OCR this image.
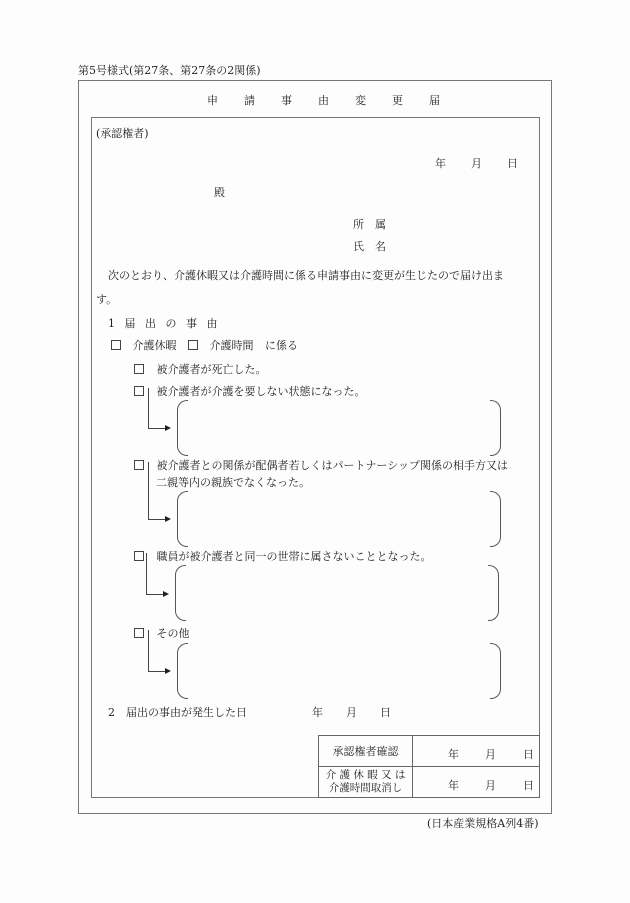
第5号様式(第27条、第27条の2関係)
申 請 事 由 変 更 届
(承認権者)
年 月 日
殿
所　属
氏　名
次のとおり、介護休暇又は介護時間に係る申請事由に変更が生じたので届け出ま
す。
1 届 出 の 事 由
介護休暇	介護時間 に係る
被介護者が死亡した。
被介護者が介護を要しない状態になった。
被介護者との関係が配偶者若しくはパートナーシップ関係の相手方又は
二親等内の親族でなくなった。
職員が被介護者と同一の世帯に属さないこととなった。
その他
2　届出の事由が発生した日	年 月 日
承認権者確認	年 月 日

介 護 休 暇 又 は
介護時間取消し	年 月 日
(日本産業規格A列4番)
